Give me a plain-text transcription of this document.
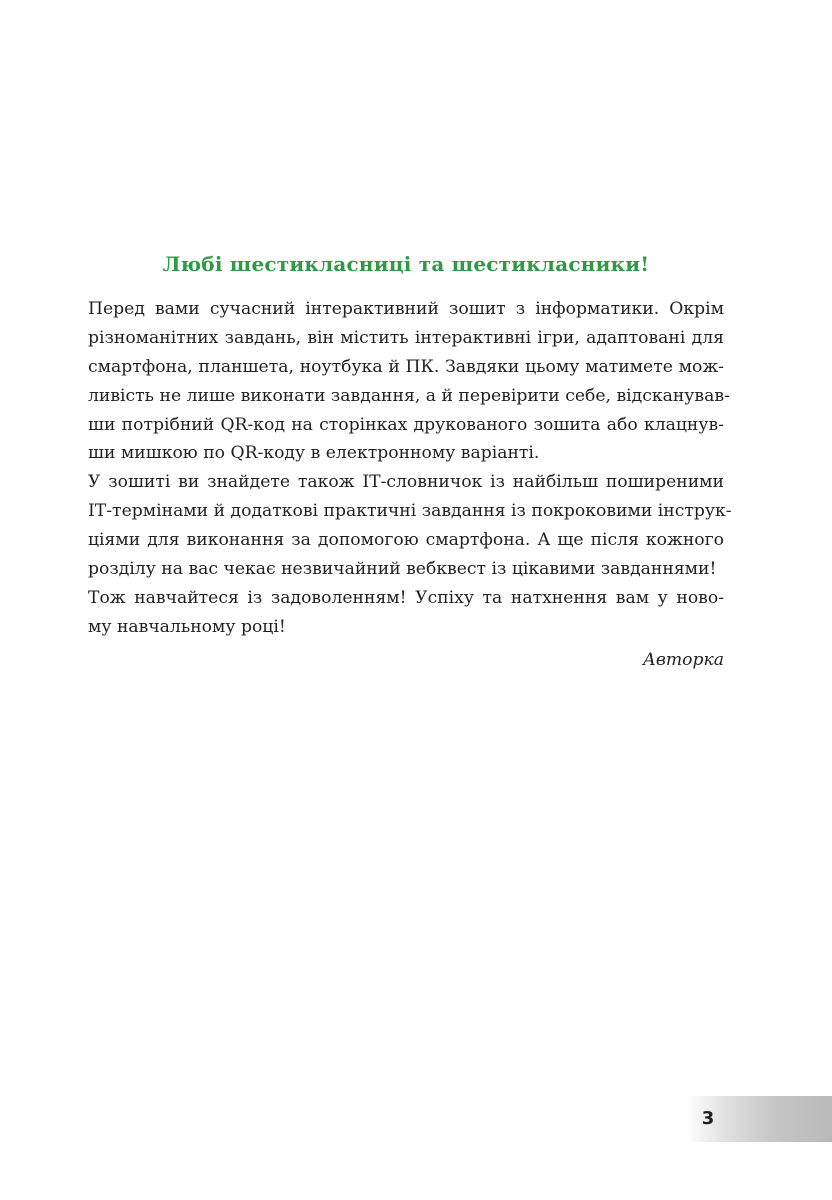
Любі шестикласниці та шестикласники!
Перед вами сучасний інтерактивний зошит з інформатики. Окрім
різноманітних завдань, він містить інтерактивні ігри, адаптовані для
смартфона, планшета, ноутбука й ПК. Завдяки цьому матимете мож-
ливість не лише виконати завдання, а й перевірити себе, відсканував-
ши потрібний QR-код на сторінках друкованого зошита або клацнув-
ши мишкою по QR-коду в електронному варіанті.
У зошиті ви знайдете також ІТ-словничок із найбільш поширеними
ІТ-термінами й додаткові практичні завдання із покроковими інструк-
ціями для виконання за допомогою смартфона. А ще після кожного
розділу на вас чекає незвичайний вебквест із цікавими завданнями!
Тож навчайтеся із задоволенням! Успіху та натхнення вам у ново-
му навчальному році!
Авторка
3
